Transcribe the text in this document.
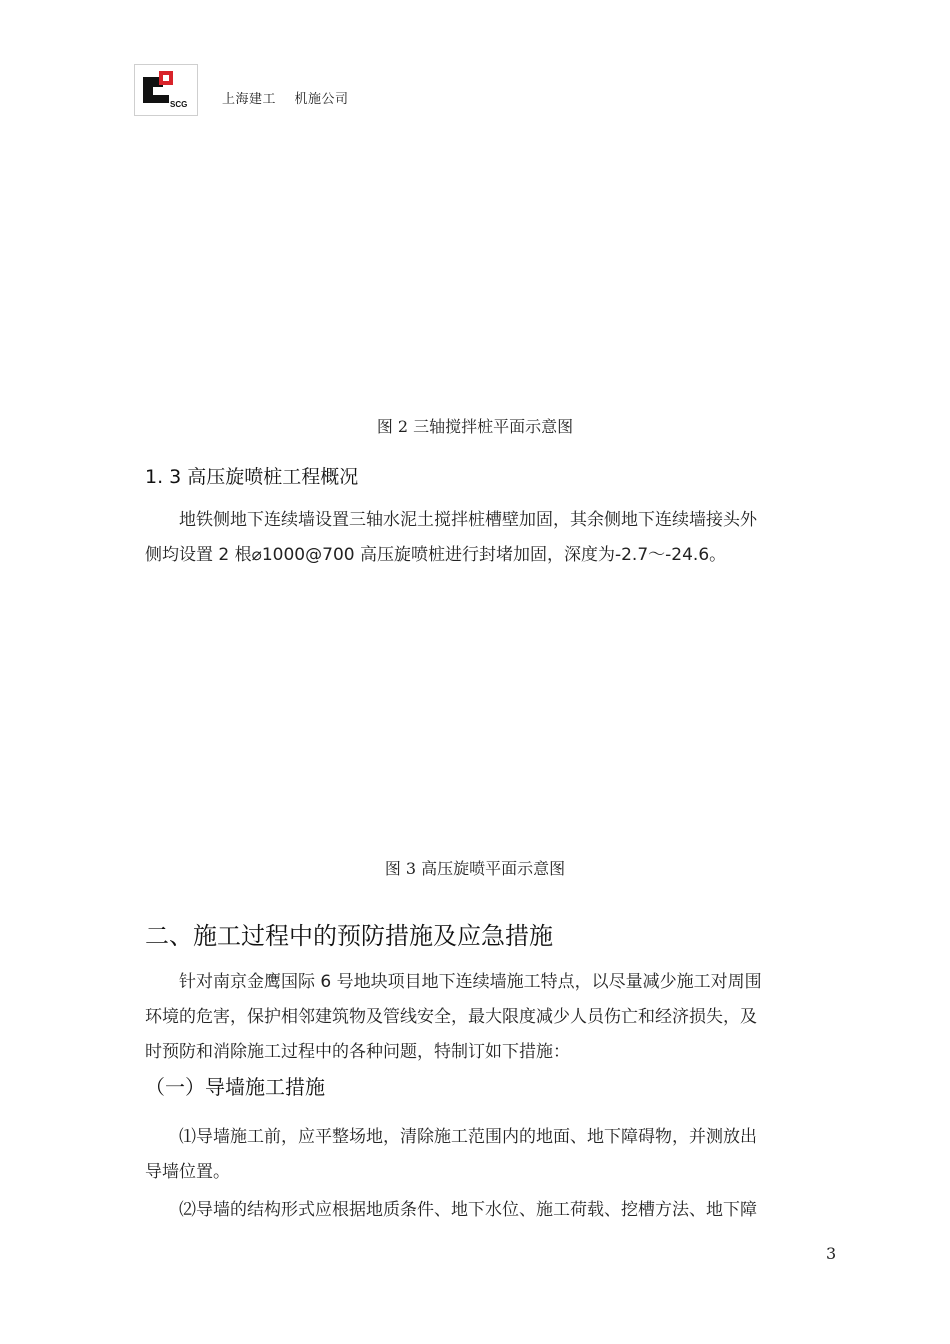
SCG	上海建工    机施公司
图 2 三轴搅拌桩平面示意图
1. 3 高压旋喷桩工程概况
地铁侧地下连续墙设置三轴水泥土搅拌桩槽壁加固，其余侧地下连续墙接头外
侧均设置 2 根⌀1000@700 高压旋喷桩进行封堵加固，深度为-2.7～-24.6。
图 3 高压旋喷平面示意图
二、施工过程中的预防措施及应急措施
针对南京金鹰国际 6 号地块项目地下连续墙施工特点，以尽量减少施工对周围
环境的危害，保护相邻建筑物及管线安全，最大限度减少人员伤亡和经济损失，及
时预防和消除施工过程中的各种问题，特制订如下措施：
（一）导墙施工措施
⑴导墙施工前，应平整场地，清除施工范围内的地面、地下障碍物，并测放出
导墙位置。
⑵导墙的结构形式应根据地质条件、地下水位、施工荷载、挖槽方法、地下障
3
